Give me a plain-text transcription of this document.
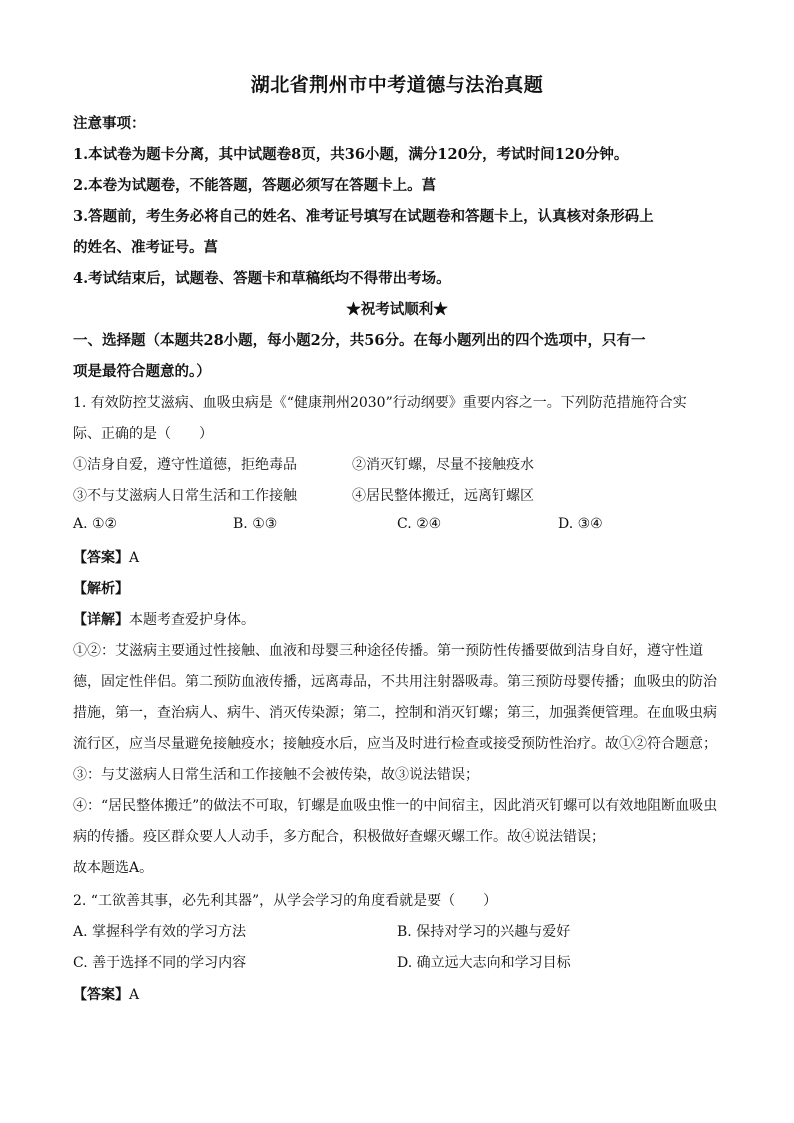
湖北省荆州市中考道德与法治真题
注意事项：
1.本试卷为题卡分离，其中试题卷8页，共36小题，满分120分，考试时间120分钟。
2.本卷为试题卷，不能答题，答题必须写在答题卡上。菖
3.答题前，考生务必将自己的姓名、准考证号填写在试题卷和答题卡上，认真核对条形码上
的姓名、准考证号。菖
4.考试结束后，试题卷、答题卡和草稿纸均不得带出考场。
★祝考试顺利★
一、选择题（本题共28小题，每小题2分，共56分。在每小题列出的四个选项中，只有一
项是最符合题意的。）
1. 有效防控艾滋病、血吸虫病是《“健康荆州2030”行动纲要》重要内容之一。下列防范措施符合实
际、正确的是（　　）
①洁身自爱，遵守性道德，拒绝毒品	②消灭钉螺，尽量不接触疫水
③不与艾滋病人日常生活和工作接触	④居民整体搬迁，远离钉螺区
A. ①②	B. ①③	C. ②④	D. ③④
【答案】A
【解析】
【详解】本题考查爱护身体。
①②：艾滋病主要通过性接触、血液和母婴三种途径传播。第一预防性传播要做到洁身自好，遵守性道
德，固定性伴侣。第二预防血液传播，远离毒品，不共用注射器吸毒。第三预防母婴传播；血吸虫的防治
措施，第一，查治病人、病牛、消灭传染源；第二，控制和消灭钉螺；第三，加强粪便管理。在血吸虫病
流行区，应当尽量避免接触疫水；接触疫水后，应当及时进行检查或接受预防性治疗。故①②符合题意；
③：与艾滋病人日常生活和工作接触不会被传染，故③说法错误；
④：“居民整体搬迁”的做法不可取，钉螺是血吸虫惟一的中间宿主，因此消灭钉螺可以有效地阻断血吸虫
病的传播。疫区群众要人人动手，多方配合，积极做好查螺灭螺工作。故④说法错误；
故本题选A。
2. “工欲善其事，必先利其器”，从学会学习的角度看就是要（　　）
A. 掌握科学有效的学习方法	B. 保持对学习的兴趣与爱好
C. 善于选择不同的学习内容	D. 确立远大志向和学习目标
【答案】A
